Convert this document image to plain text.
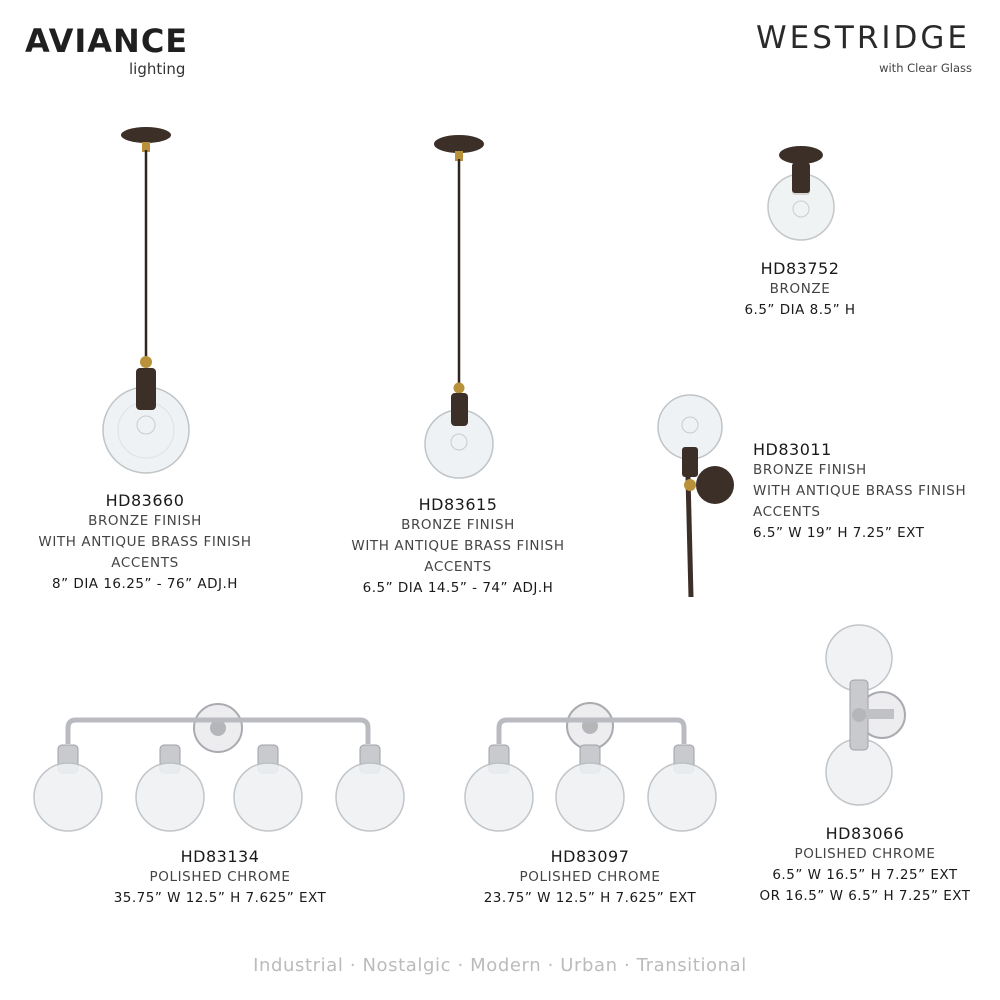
AVIANCE
lighting
WESTRIDGE
with Clear Glass
HD83660
BRONZE FINISH
WITH ANTIQUE BRASS FINISH
ACCENTS
8” DIA 16.25” - 76” ADJ.H
HD83615
BRONZE FINISH
WITH ANTIQUE BRASS FINISH
ACCENTS
6.5” DIA 14.5” - 74” ADJ.H
HD83752
BRONZE
6.5” DIA 8.5” H
HD83011
BRONZE FINISH
WITH ANTIQUE BRASS FINISH
ACCENTS
6.5” W 19” H 7.25” EXT
HD83134
POLISHED CHROME
35.75” W 12.5” H 7.625” EXT
HD83097
POLISHED CHROME
23.75” W 12.5” H 7.625” EXT
HD83066
POLISHED CHROME
6.5” W 16.5” H 7.25” EXT
OR 16.5” W 6.5” H 7.25” EXT
Industrial · Nostalgic · Modern · Urban · Transitional
